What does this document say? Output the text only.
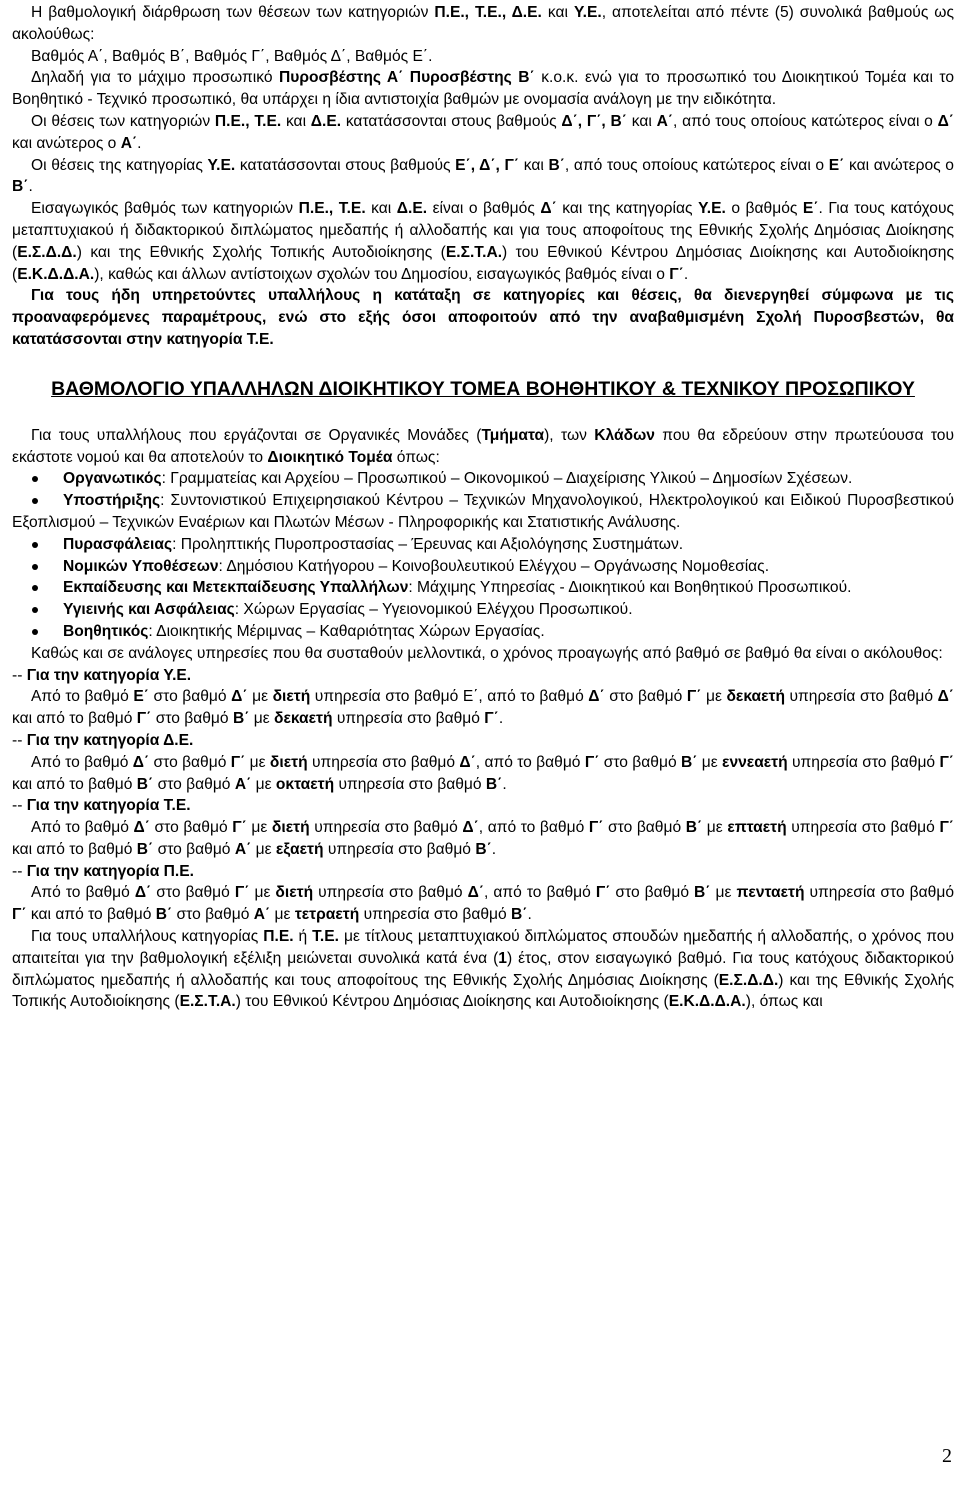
Η βαθμολογική διάρθρωση των θέσεων των κατηγοριών Π.Ε., Τ.Ε., Δ.Ε. και Υ.Ε., αποτελείται από πέντε (5) συνολικά βαθμούς ως ακολούθως:

Βαθμός Α΄, Βαθμός Β΄, Βαθμός Γ΄, Βαθμός Δ΄, Βαθμός Ε΄.

Δηλαδή για το μάχιμο προσωπικό Πυροσβέστης Α΄ Πυροσβέστης Β΄ κ.ο.κ. ενώ για το προσωπικό του Διοικητικού Τομέα και το Βοηθητικό - Τεχνικό προσωπικό, θα υπάρχει η ίδια αντιστοιχία βαθμών με ονομασία ανάλογη με την ειδικότητα.

Οι θέσεις των κατηγοριών Π.Ε., Τ.Ε. και Δ.Ε. κατατάσσονται στους βαθμούς Δ΄, Γ΄, Β΄ και Α΄, από τους οποίους κατώτερος είναι ο Δ΄ και ανώτερος ο Α΄.

Οι θέσεις της κατηγορίας Υ.Ε. κατατάσσονται στους βαθμούς Ε΄, Δ΄, Γ΄ και Β΄, από τους οποίους κατώτερος είναι ο Ε΄ και ανώτερος ο Β΄.

Εισαγωγικός βαθμός των κατηγοριών Π.Ε., Τ.Ε. και Δ.Ε. είναι ο βαθμός Δ΄ και της κατηγορίας Υ.Ε. ο βαθμός Ε΄. Για τους κατόχους μεταπτυχιακού ή διδακτορικού διπλώματος ημεδαπής ή αλλοδαπής και για τους αποφοίτους της Εθνικής Σχολής Δημόσιας Διοίκησης (Ε.Σ.Δ.Δ.) και της Εθνικής Σχολής Τοπικής Αυτοδιοίκησης (Ε.Σ.Τ.Α.) του Εθνικού Κέντρου Δημόσιας Διοίκησης και Αυτοδιοίκησης (Ε.Κ.Δ.Δ.Α.), καθώς και άλλων αντίστοιχων σχολών του Δημοσίου, εισαγωγικός βαθμός είναι ο Γ΄.

Για τους ήδη υπηρετούντες υπαλλήλους η κατάταξη σε κατηγορίες και θέσεις, θα διενεργηθεί σύμφωνα με τις προαναφερόμενες παραμέτρους, ενώ στο εξής όσοι αποφοιτούν από την αναβαθμισμένη Σχολή Πυροσβεστών, θα κατατάσσονται στην κατηγορία Τ.Ε.

ΒΑΘΜΟΛΟΓΙΟ ΥΠΑΛΛΗΛΩΝ ΔΙΟΙΚΗΤΙΚΟΥ ΤΟΜΕΑ ΒΟΗΘΗΤΙΚΟΥ & ΤΕΧΝΙΚΟΥ ΠΡΟΣΩΠΙΚΟΥ

Για τους υπαλλήλους που εργάζονται σε Οργανικές Μονάδες (Τμήματα), των Κλάδων που θα εδρεύουν στην πρωτεύουσα του εκάστοτε νομού και θα αποτελούν το Διοικητικό Τομέα όπως:

Οργανωτικός: Γραμματείας και Αρχείου – Προσωπικού – Οικονομικού – Διαχείρισης Υλικού – Δημοσίων Σχέσεων.
Υποστήριξης: Συντονιστικού Επιχειρησιακού Κέντρου – Τεχνικών Μηχανολογικού, Ηλεκτρολογικού και Ειδικού Πυροσβεστικού Εξοπλισμού – Τεχνικών Εναέριων και Πλωτών Μέσων - Πληροφορικής και Στατιστικής Ανάλυσης.
Πυρασφάλειας: Προληπτικής Πυροπροστασίας – Έρευνας και Αξιολόγησης Συστημάτων.
Νομικών Υποθέσεων: Δημόσιου Κατήγορου – Κοινοβουλευτικού Ελέγχου – Οργάνωσης Νομοθεσίας.
Εκπαίδευσης και Μετεκπαίδευσης Υπαλλήλων: Μάχιμης Υπηρεσίας - Διοικητικού και Βοηθητικού Προσωπικού.
Υγιεινής και Ασφάλειας: Χώρων Εργασίας – Υγειονομικού Ελέγχου Προσωπικού.
Βοηθητικός: Διοικητικής Μέριμνας – Καθαριότητας Χώρων Εργασίας.

Καθώς και σε ανάλογες υπηρεσίες που θα συσταθούν μελλοντικά, ο χρόνος προαγωγής από βαθμό σε βαθμό θα είναι ο ακόλουθος:

-- Για την κατηγορία Υ.Ε.

Από το βαθμό Ε΄ στο βαθμό Δ΄ με διετή υπηρεσία στο βαθμό Ε΄, από το βαθμό Δ΄ στο βαθμό Γ΄ με δεκαετή υπηρεσία στο βαθμό Δ΄ και από το βαθμό Γ΄ στο βαθμό Β΄ με δεκαετή υπηρεσία στο βαθμό Γ΄.

-- Για την κατηγορία Δ.Ε.

Από το βαθμό Δ΄ στο βαθμό Γ΄ με διετή υπηρεσία στο βαθμό Δ΄, από το βαθμό Γ΄ στο βαθμό Β΄ με εννεαετή υπηρεσία στο βαθμό Γ΄ και από το βαθμό Β΄ στο βαθμό Α΄ με οκταετή υπηρεσία στο βαθμό Β΄.

-- Για την κατηγορία Τ.Ε.

Από το βαθμό Δ΄ στο βαθμό Γ΄ με διετή υπηρεσία στο βαθμό Δ΄, από το βαθμό Γ΄ στο βαθμό Β΄ με επταετή υπηρεσία στο βαθμό Γ΄ και από το βαθμό Β΄ στο βαθμό Α΄ με εξαετή υπηρεσία στο βαθμό Β΄.

-- Για την κατηγορία Π.Ε.

Από το βαθμό Δ΄ στο βαθμό Γ΄ με διετή υπηρεσία στο βαθμό Δ΄, από το βαθμό Γ΄ στο βαθμό Β΄ με πενταετή υπηρεσία στο βαθμό Γ΄ και από το βαθμό Β΄ στο βαθμό Α΄ με τετραετή υπηρεσία στο βαθμό Β΄.

Για τους υπαλλήλους κατηγορίας Π.Ε. ή Τ.Ε. με τίτλους μεταπτυχιακού διπλώματος σπουδών ημεδαπής ή αλλοδαπής, ο χρόνος που απαιτείται για την βαθμολογική εξέλιξη μειώνεται συνολικά κατά ένα (1) έτος, στον εισαγωγικό βαθμό. Για τους κατόχους διδακτορικού διπλώματος ημεδαπής ή αλλοδαπής και τους αποφοίτους της Εθνικής Σχολής Δημόσιας Διοίκησης (Ε.Σ.Δ.Δ.) και της Εθνικής Σχολής Τοπικής Αυτοδιοίκησης (Ε.Σ.Τ.Α.) του Εθνικού Κέντρου Δημόσιας Διοίκησης και Αυτοδιοίκησης (Ε.Κ.Δ.Δ.Α.), όπως και

2
